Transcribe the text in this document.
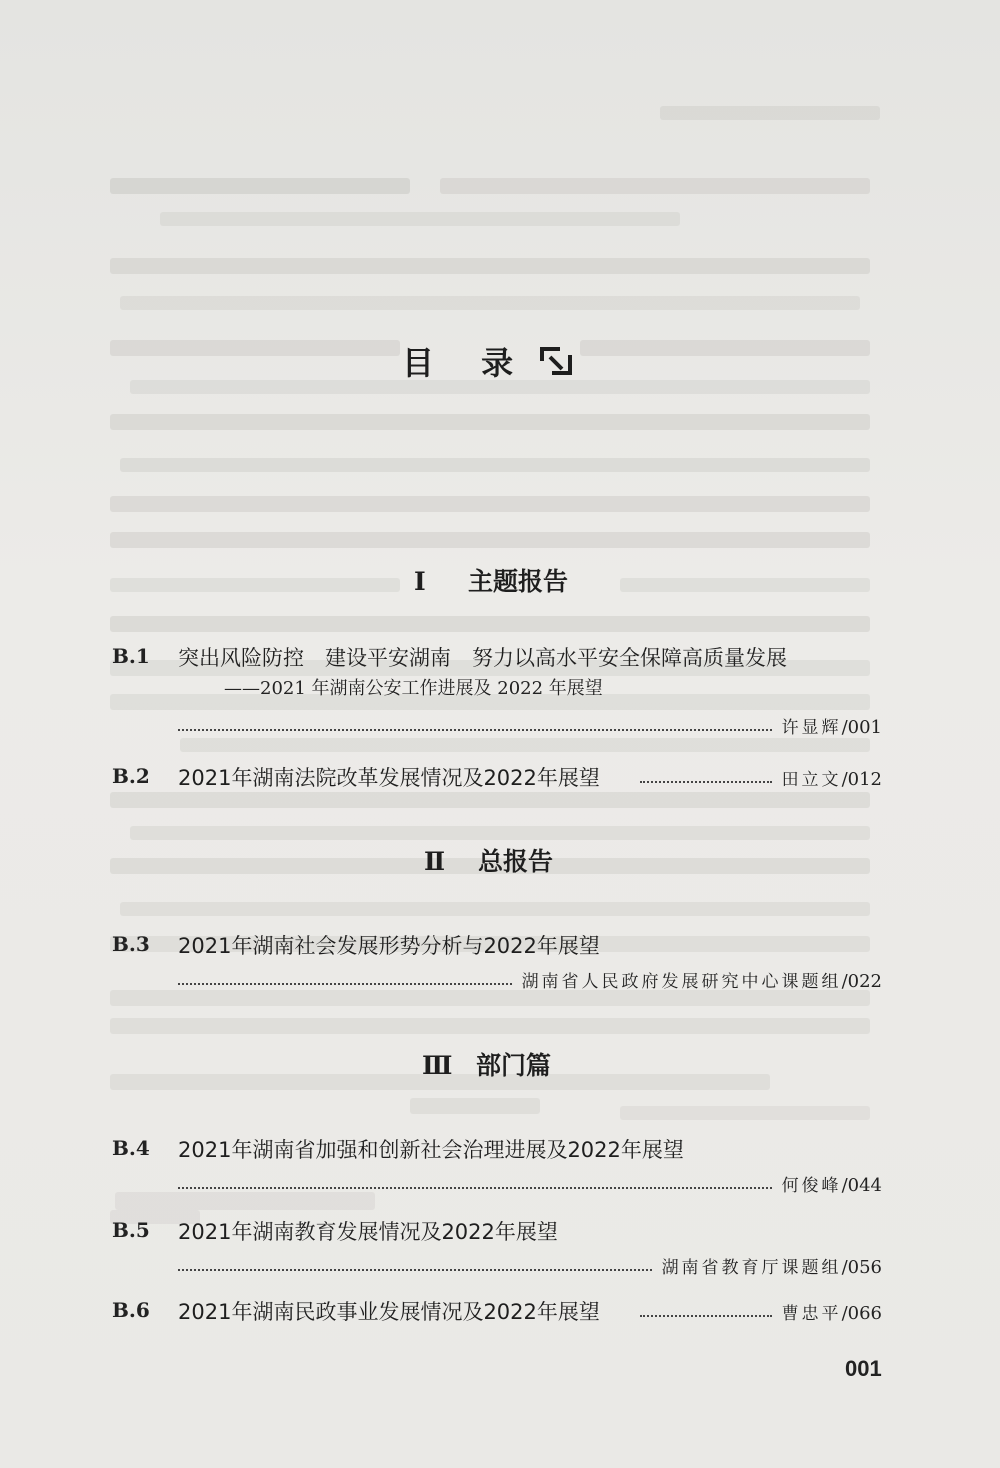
目 录
Ⅰ 主题报告
B.1 突出风险防控　建设平安湖南　努力以高水平安全保障高质量发展
——2021 年湖南公安工作进展及 2022 年展望
许显辉 / 001
B.2 2021年湖南法院改革发展情况及2022年展望	田立文 / 012
Ⅱ 总报告
B.3 2021年湖南社会发展形势分析与2022年展望
湖南省人民政府发展研究中心课题组 / 022
Ⅲ 部门篇
B.4 2021年湖南省加强和创新社会治理进展及2022年展望
何俊峰 / 044
B.5 2021年湖南教育发展情况及2022年展望
湖南省教育厅课题组 / 056
B.6 2021年湖南民政事业发展情况及2022年展望	曹忠平 / 066
001
